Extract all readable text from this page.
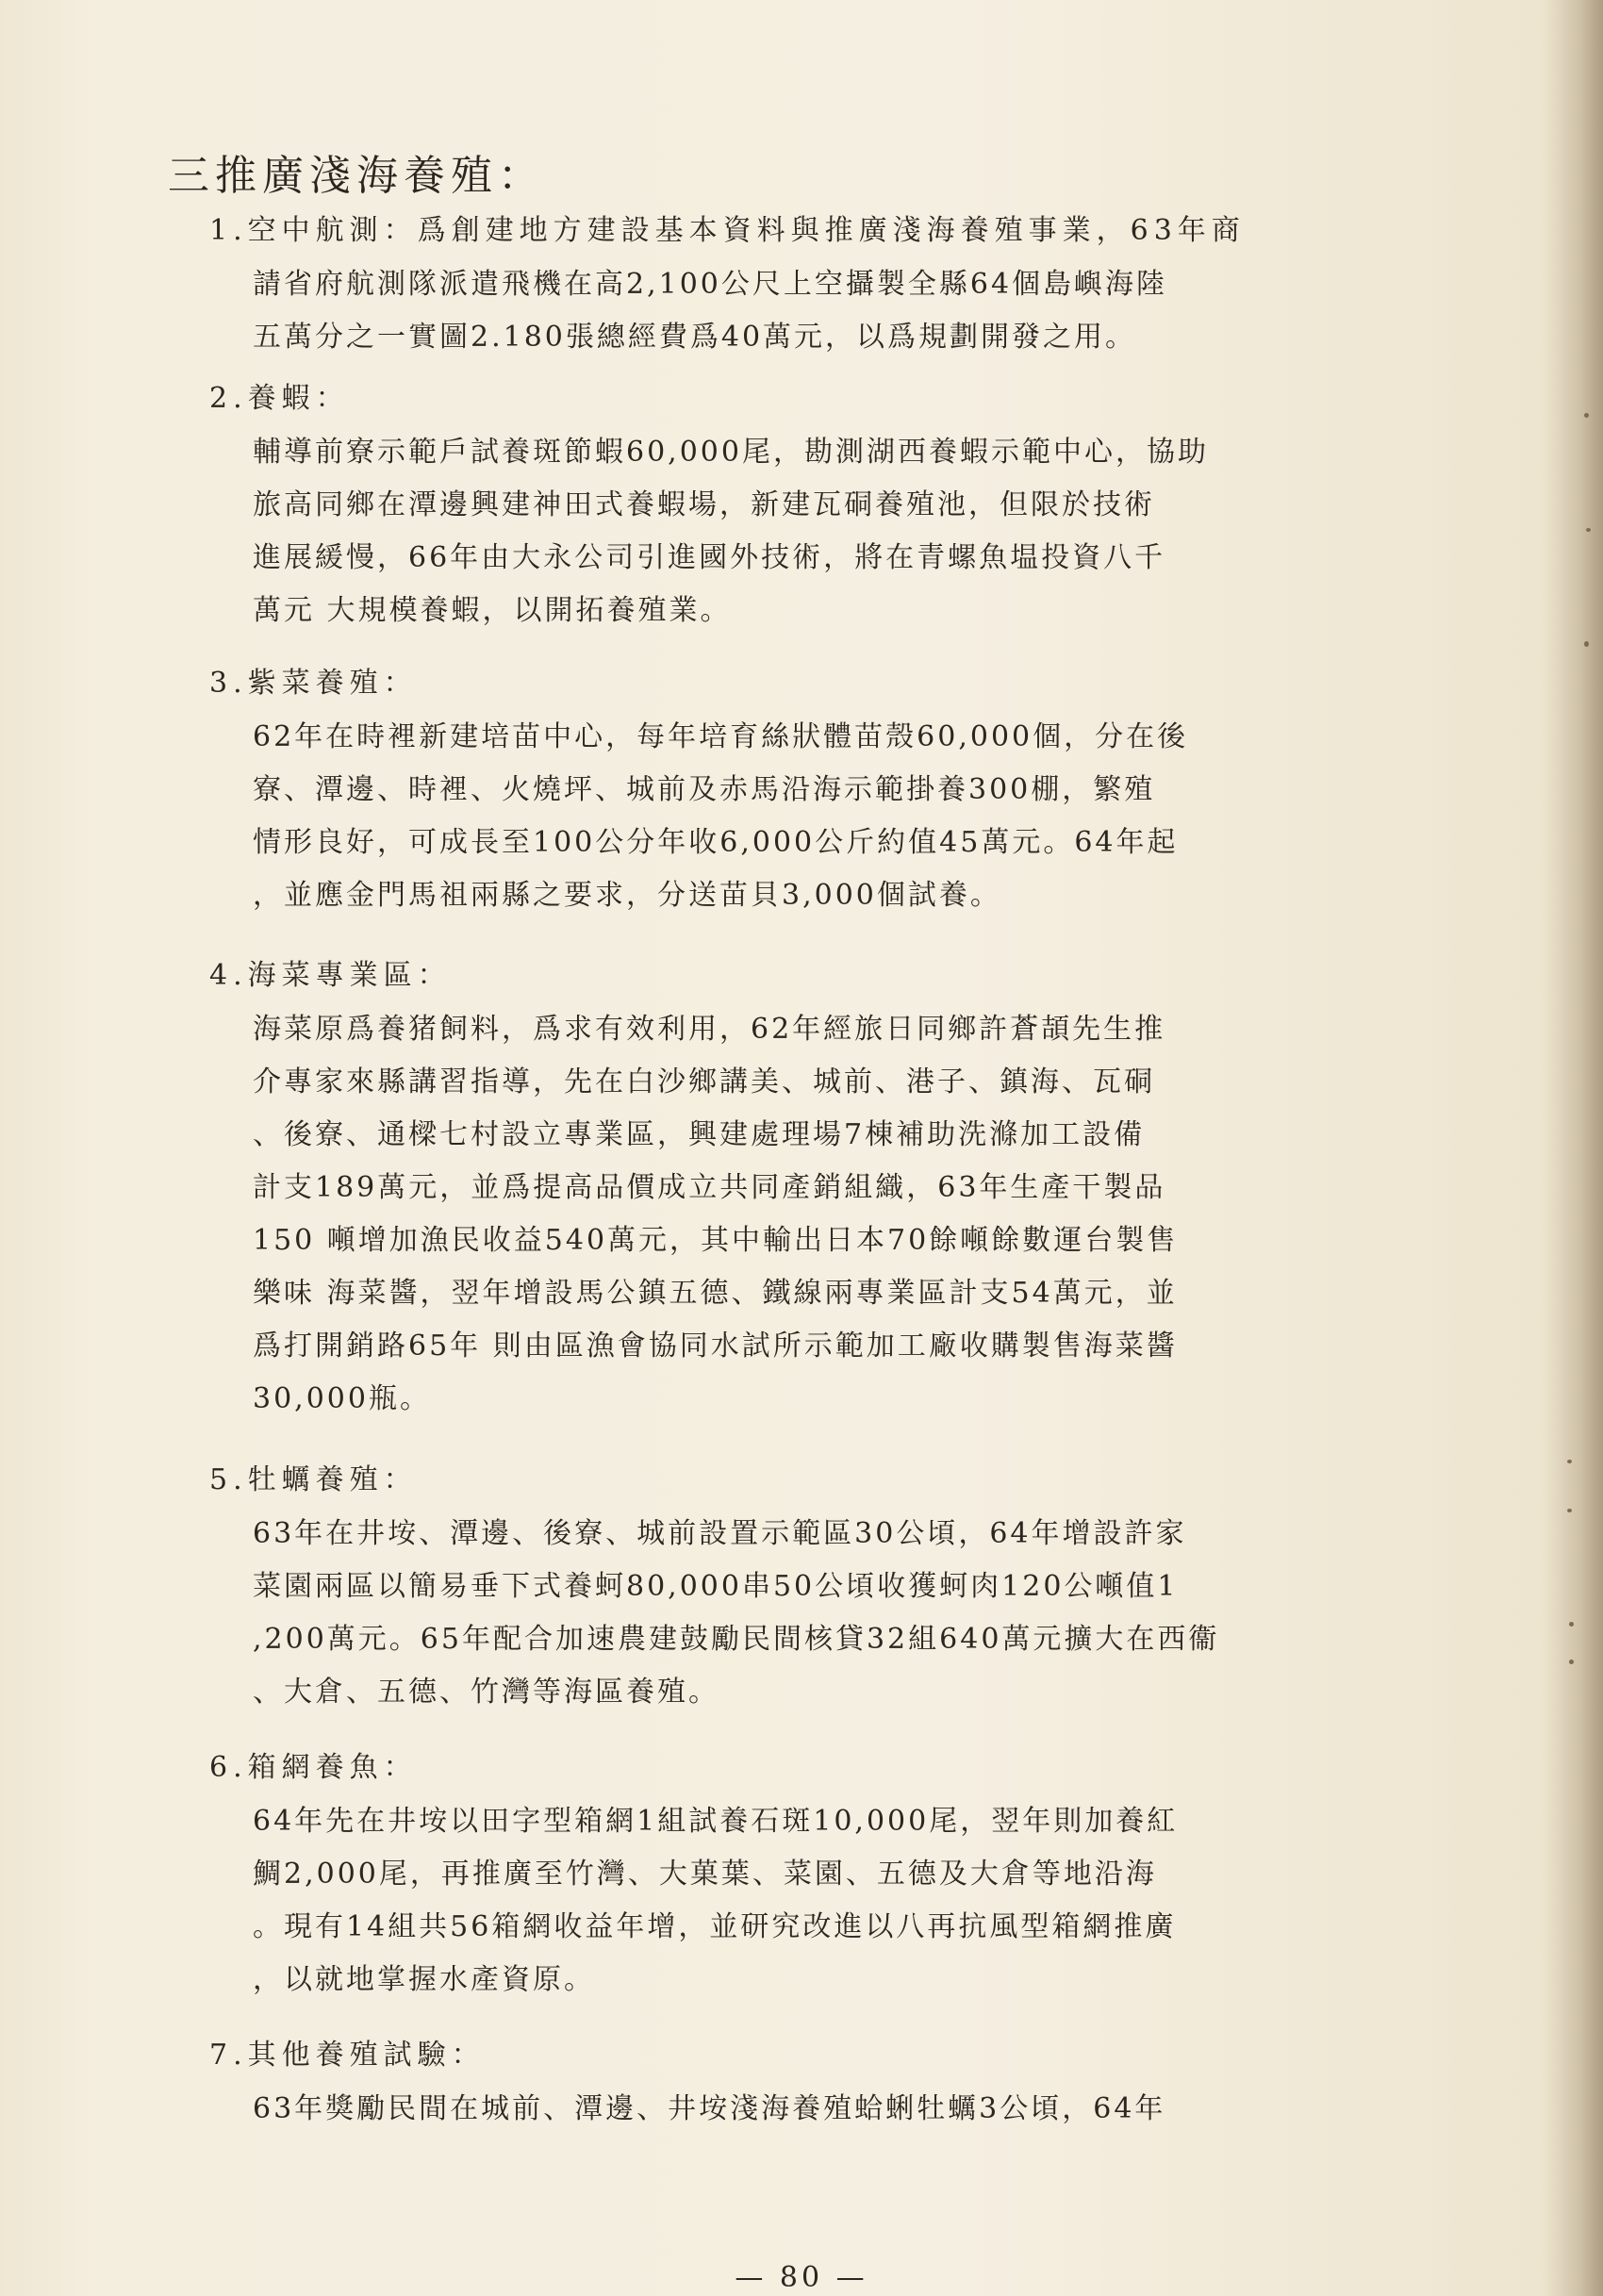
三推廣淺海養殖：
1.空中航測：爲創建地方建設基本資料與推廣淺海養殖事業，63年商
請省府航測隊派遣飛機在高2,100公尺上空攝製全縣64個島嶼海陸
五萬分之一實圖2.180張總經費爲40萬元，以爲規劃開發之用。
2.養蝦：
輔導前寮示範戶試養斑節蝦60,000尾，勘測湖西養蝦示範中心，協助
旅高同鄉在潭邊興建神田式養蝦場，新建瓦硐養殖池，但限於技術
進展緩慢，66年由大永公司引進國外技術，將在青螺魚塭投資八千
萬元 大規模養蝦，以開拓養殖業。
3.紫菜養殖：
62年在時裡新建培苗中心，每年培育絲狀體苗殼60,000個，分在後
寮、潭邊、時裡、火燒坪、城前及赤馬沿海示範掛養300棚，繁殖
情形良好，可成長至100公分年收6,000公斤約值45萬元。64年起
，並應金門馬祖兩縣之要求，分送苗貝3,000個試養。
4.海菜專業區：
海菜原爲養猪飼料，爲求有效利用，62年經旅日同鄉許蒼頡先生推
介專家來縣講習指導，先在白沙鄉講美、城前、港子、鎮海、瓦硐
、後寮、通樑七村設立專業區，興建處理場7棟補助洗滌加工設備
計支189萬元，並爲提高品價成立共同產銷組織，63年生產干製品
150 噸增加漁民收益540萬元，其中輸出日本70餘噸餘數運台製售
樂味 海菜醬，翌年增設馬公鎮五德、鐵線兩專業區計支54萬元，並
爲打開銷路65年 則由區漁會協同水試所示範加工廠收購製售海菜醬
30,000瓶。
5.牡蠣養殖：
63年在井垵、潭邊、後寮、城前設置示範區30公頃，64年增設許家
菜園兩區以簡易垂下式養蚵80,000串50公頃收獲蚵肉120公噸值1
,200萬元。65年配合加速農建鼓勵民間核貸32組640萬元擴大在西衞
、大倉、五德、竹灣等海區養殖。
6.箱網養魚：
64年先在井垵以田字型箱網1組試養石斑10,000尾，翌年則加養紅
鯛2,000尾，再推廣至竹灣、大菓葉、菜園、五德及大倉等地沿海
。現有14組共56箱網收益年增，並研究改進以八再抗風型箱網推廣
，以就地掌握水產資原。
7.其他養殖試驗：
63年獎勵民間在城前、潭邊、井垵淺海養殖蛤蜊牡蠣3公頃，64年
— 80 —
